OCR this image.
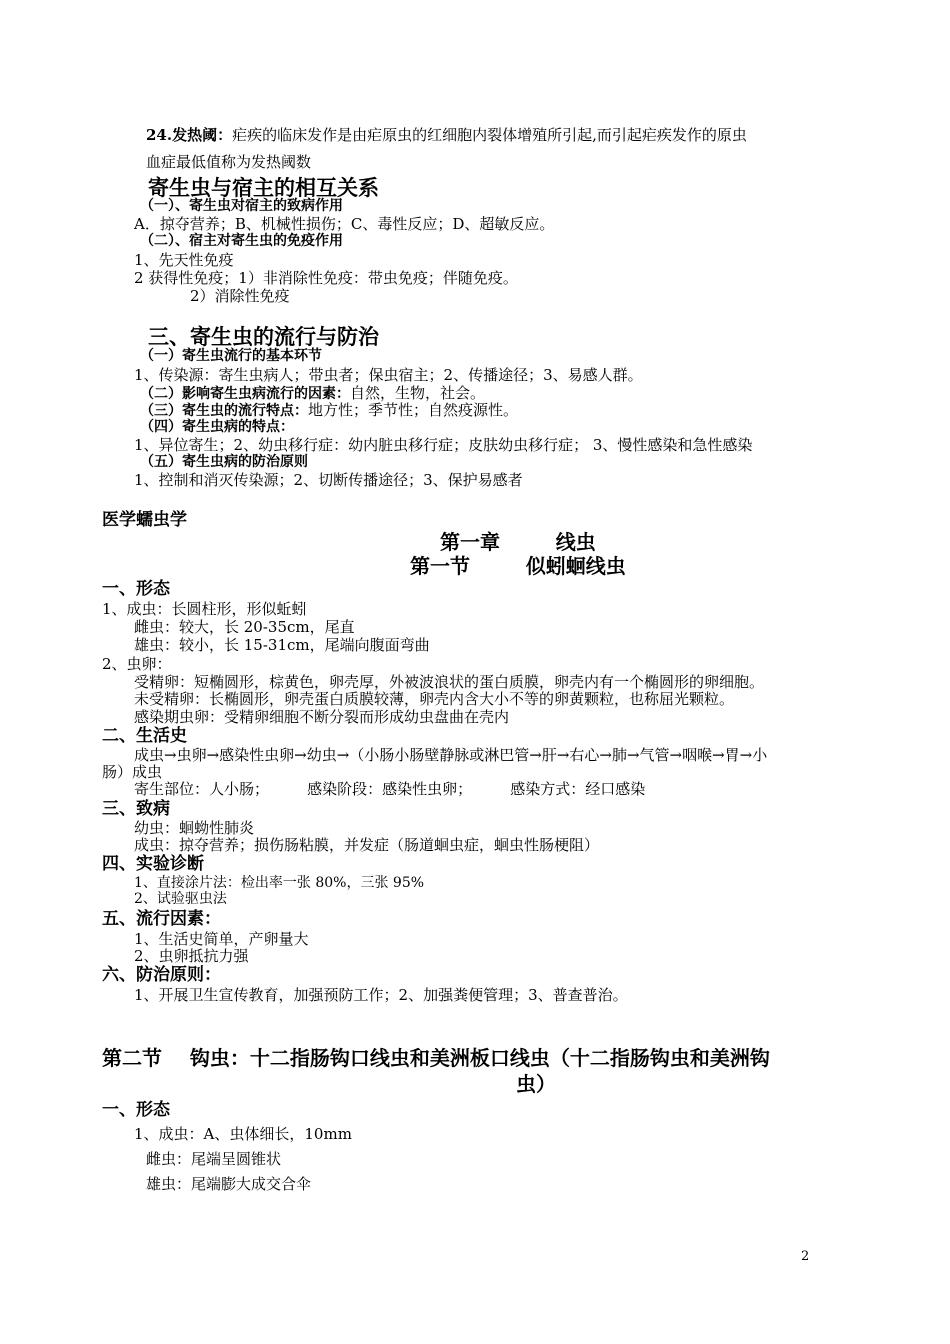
24.发热阈：疟疾的临床发作是由疟原虫的红细胞内裂体增殖所引起,而引起疟疾发作的原虫
血症最低值称为发热阈数
寄生虫与宿主的相互关系
（一）、寄生虫对宿主的致病作用
A．掠夺营养；B、机械性损伤；C、毒性反应；D、超敏反应。
（二）、宿主对寄生虫的免疫作用
1、先天性免疫
2 获得性免疫；1）非消除性免疫：带虫免疫；伴随免疫。
2）消除性免疫
三、寄生虫的流行与防治
（一）寄生虫流行的基本环节
1、传染源：寄生虫病人；带虫者；保虫宿主；2、传播途径；3、易感人群。
（二）影响寄生虫病流行的因素：自然，生物，社会。
（三）寄生虫的流行特点：地方性；季节性；自然疫源性。
（四）寄生虫病的特点：
1、异位寄生；2、幼虫移行症：幼内脏虫移行症；皮肤幼虫移行症； 3、慢性感染和急性感染
（五）寄生虫病的防治原则
1、控制和消灭传染源；2、切断传播途径；3、保护易感者
医学蠕虫学
第一章        线虫
第一节        似蚓蛔线虫
一、形态
1、成虫：长圆柱形，形似蚯蚓
雌虫：较大，长 20-35cm，尾直
雄虫：较小，长 15-31cm，尾端向腹面弯曲
2、虫卵：
受精卵：短椭圆形，棕黄色，卵壳厚，外被波浪状的蛋白质膜，卵壳内有一个椭圆形的卵细胞。
未受精卵：长椭圆形，卵壳蛋白质膜较薄，卵壳内含大小不等的卵黄颗粒，也称屈光颗粒。
感染期虫卵：受精卵细胞不断分裂而形成幼虫盘曲在壳内
二、生活史
成虫→虫卵→感染性虫卵→幼虫→（小肠小肠壁静脉或淋巴管→肝→右心→肺→气管→咽喉→胃→小
肠）成虫
寄生部位：人小肠；        感染阶段：感染性虫卵；        感染方式：经口感染
三、致病
幼虫：蛔蚴性肺炎
成虫：掠夺营养；损伤肠粘膜，并发症（肠道蛔虫症，蛔虫性肠梗阻）
四、实验诊断
1、直接涂片法：检出率一张 80%，三张 95%
2、试验驱虫法
五、流行因素：
1、生活史简单，产卵量大
2、虫卵抵抗力强
六、防治原则：
1、开展卫生宣传教育，加强预防工作；2、加强粪便管理；3、普查普治。
第二节    钩虫：十二指肠钩口线虫和美洲板口线虫（十二指肠钩虫和美洲钩
虫）
一、形态
1、成虫：A、虫体细长，10mm
雌虫：尾端呈圆锥状
雄虫：尾端膨大成交合伞
2
